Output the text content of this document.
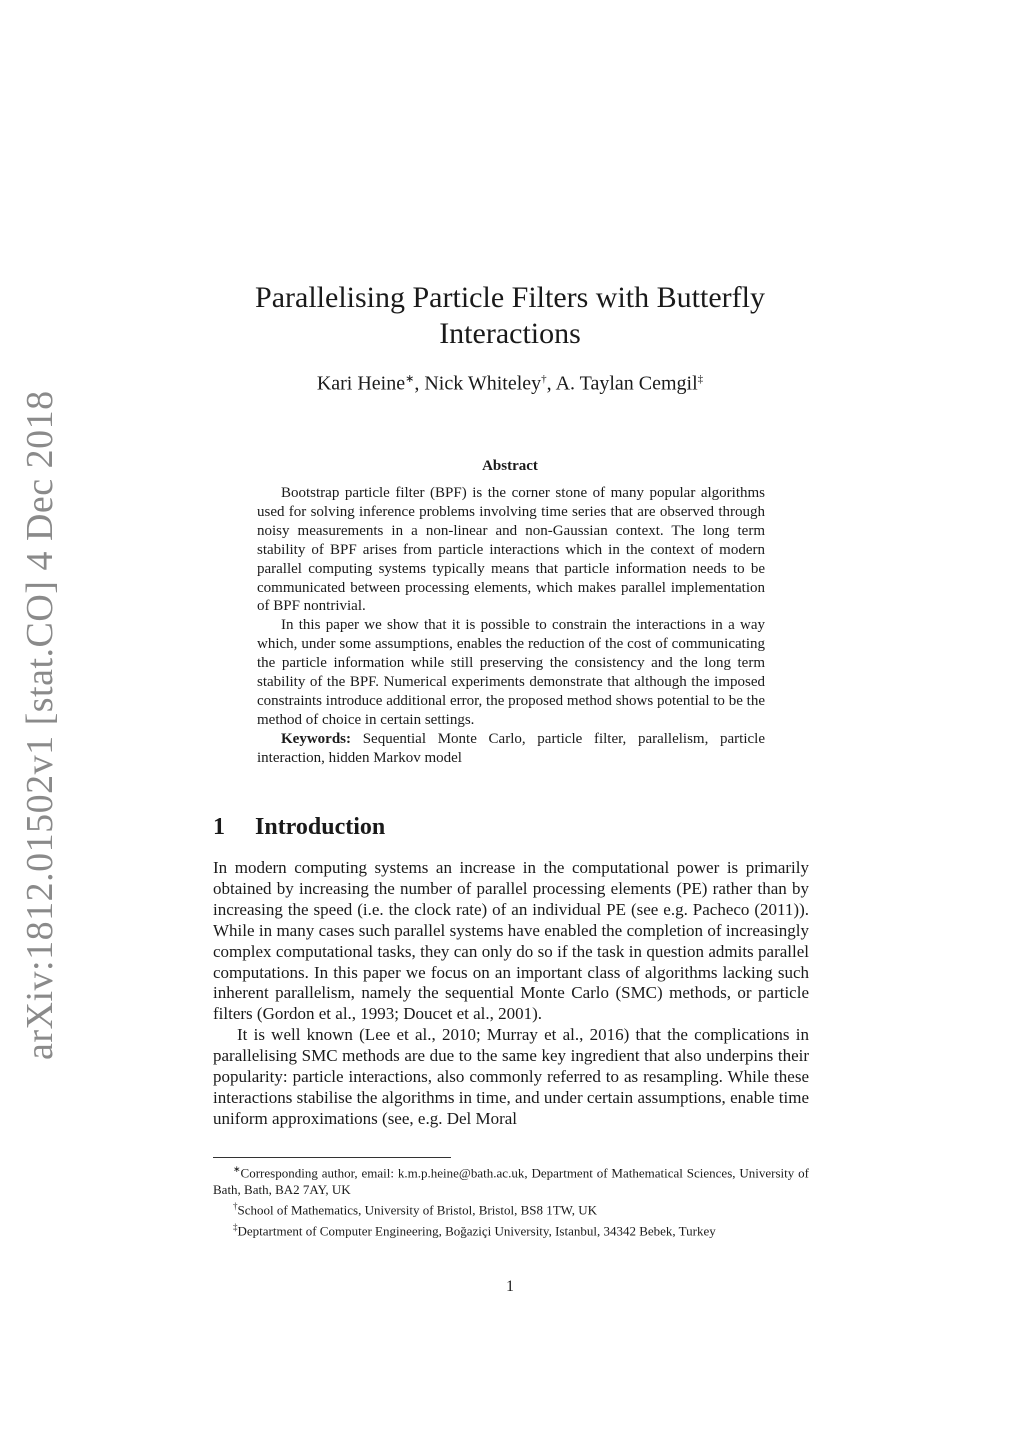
arXiv:1812.01502v1 [stat.CO] 4 Dec 2018
Parallelising Particle Filters with Butterfly
Interactions
Kari Heine∗, Nick Whiteley†, A. Taylan Cemgil‡
Abstract

Bootstrap particle filter (BPF) is the corner stone of many popular algorithms used for solving inference problems involving time series that are observed through noisy measurements in a non-linear and non-Gaussian context. The long term stability of BPF arises from particle interactions which in the context of modern parallel computing systems typically means that particle information needs to be communicated between processing elements, which makes parallel implementation of BPF nontrivial.

In this paper we show that it is possible to constrain the interactions in a way which, under some assumptions, enables the reduction of the cost of communicating the particle information while still preserving the consistency and the long term stability of the BPF. Numerical experiments demonstrate that although the imposed constraints introduce additional error, the proposed method shows potential to be the method of choice in certain settings.

Keywords: Sequential Monte Carlo, particle filter, parallelism, particle interaction, hidden Markov model

1 Introduction

In modern computing systems an increase in the computational power is primarily obtained by increasing the number of parallel processing elements (PE) rather than by increasing the speed (i.e. the clock rate) of an individual PE (see e.g. Pacheco (2011)). While in many cases such parallel systems have enabled the completion of increasingly complex computational tasks, they can only do so if the task in question admits parallel computations. In this paper we focus on an important class of algorithms lacking such inherent parallelism, namely the sequential Monte Carlo (SMC) methods, or particle filters (Gordon et al., 1993; Doucet et al., 2001).

It is well known (Lee et al., 2010; Murray et al., 2016) that the complications in parallelising SMC methods are due to the same key ingredient that also underpins their popularity: particle interactions, also commonly referred to as resampling. While these interactions stabilise the algorithms in time, and under certain assumptions, enable time uniform approximations (see, e.g. Del Moral

∗Corresponding author, email: k.m.p.heine@bath.ac.uk, Department of Mathematical Sciences, University of Bath, Bath, BA2 7AY, UK

†School of Mathematics, University of Bristol, Bristol, BS8 1TW, UK

‡Deptartment of Computer Engineering, Boğaziçi University, Istanbul, 34342 Bebek, Turkey

1
